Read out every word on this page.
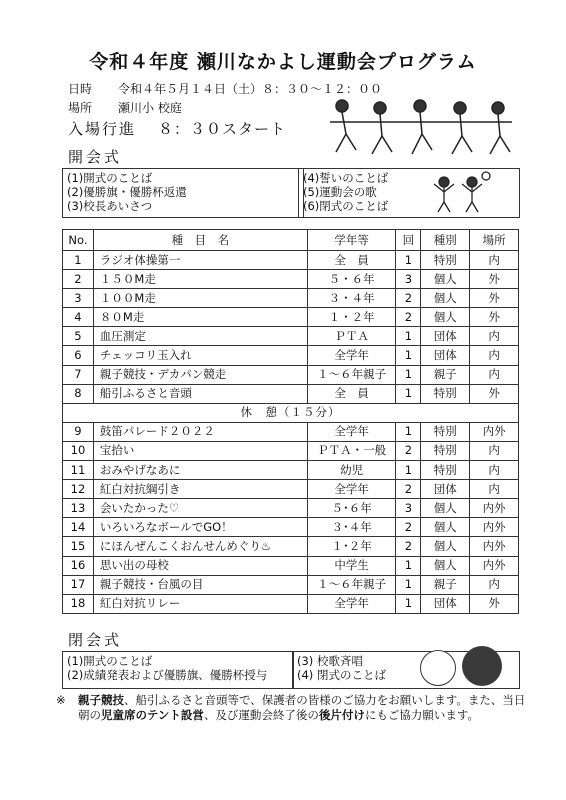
令和４年度 瀬川なかよし運動会プログラム
日時 令和４年５月１４日（土）８：３０～１２：００
場所 瀬川小 校庭
入場行進 ８：３０スタート
開会式
(1)開式のことば
(2)優勝旗・優勝杯返還
(3)校長あいさつ
(4)誓いのことば
(5)運動会の歌
(6)閉式のことば
No.	種　目　名	学年等	回	種別	場所
1	ラジオ体操第一	全　員	1	特別	内
2	１５０M走	５・６年	3	個人	外
3	１００M走	３・４年	2	個人	外
4	８０M走	１・２年	2	個人	外
5	血圧測定	ＰＴＡ	1	団体	内
6	チェッコリ玉入れ	全学年	1	団体	内
7	親子競技・デカパン競走	１～６年親子	1	親子	内
8	船引ふるさと音頭	全　員	1	特別	外
休　憩（１５分）					
9	鼓笛パレード２０２２	全学年	1	特別	内外
10	宝拾い	ＰＴＡ・一般	2	特別	内
11	おみやげなあに	幼児	1	特別	内
12	紅白対抗綱引き	全学年	2	団体	内
13	会いたかった♡	５･６年	3	個人	内外
14	いろいろなボールでGO！	３･４年	2	個人	内外
15	にほんぜんこくおんせんめぐり♨	１･２年	2	個人	内外
16	思い出の母校	中学生	1	個人	内外
17	親子競技・台風の目	１～６年親子	1	親子	内
18	紅白対抗リレー	全学年	1	団体	外
閉会式
(1)開式のことば
(2)成績発表および優勝旗、優勝杯授与
(3) 校歌斉唱
(4) 閉式のことば
※ 親子競技、船引ふるさと音頭等で、保護者の皆様のご協力をお願いします。また、当日朝の児童席のテント設営、及び運動会終了後の後片付けにもご協力願います。
